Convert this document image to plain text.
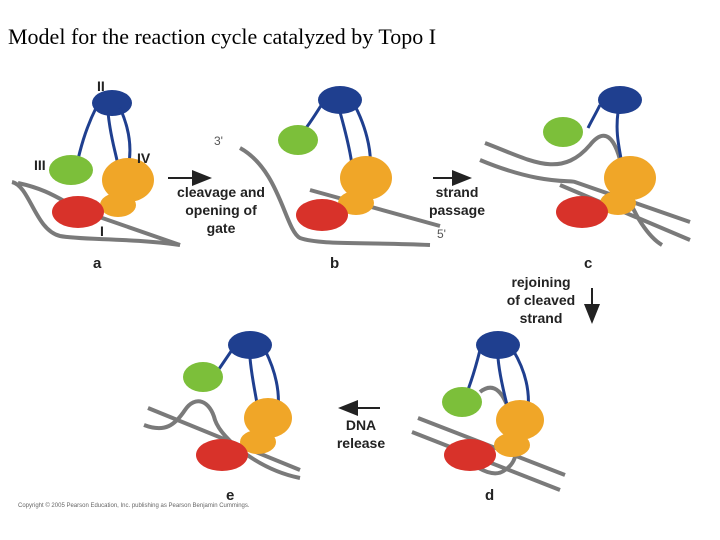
Model for the reaction cycle catalyzed by Topo I
II
III	IV
I
a
cleavage and
opening of
gate
3'
5'
b
strand
passage
c
rejoining
of cleaved
strand
d
DNA
release
e
Copyright © 2005 Pearson Education, Inc. publishing as Pearson Benjamin Cummings.
